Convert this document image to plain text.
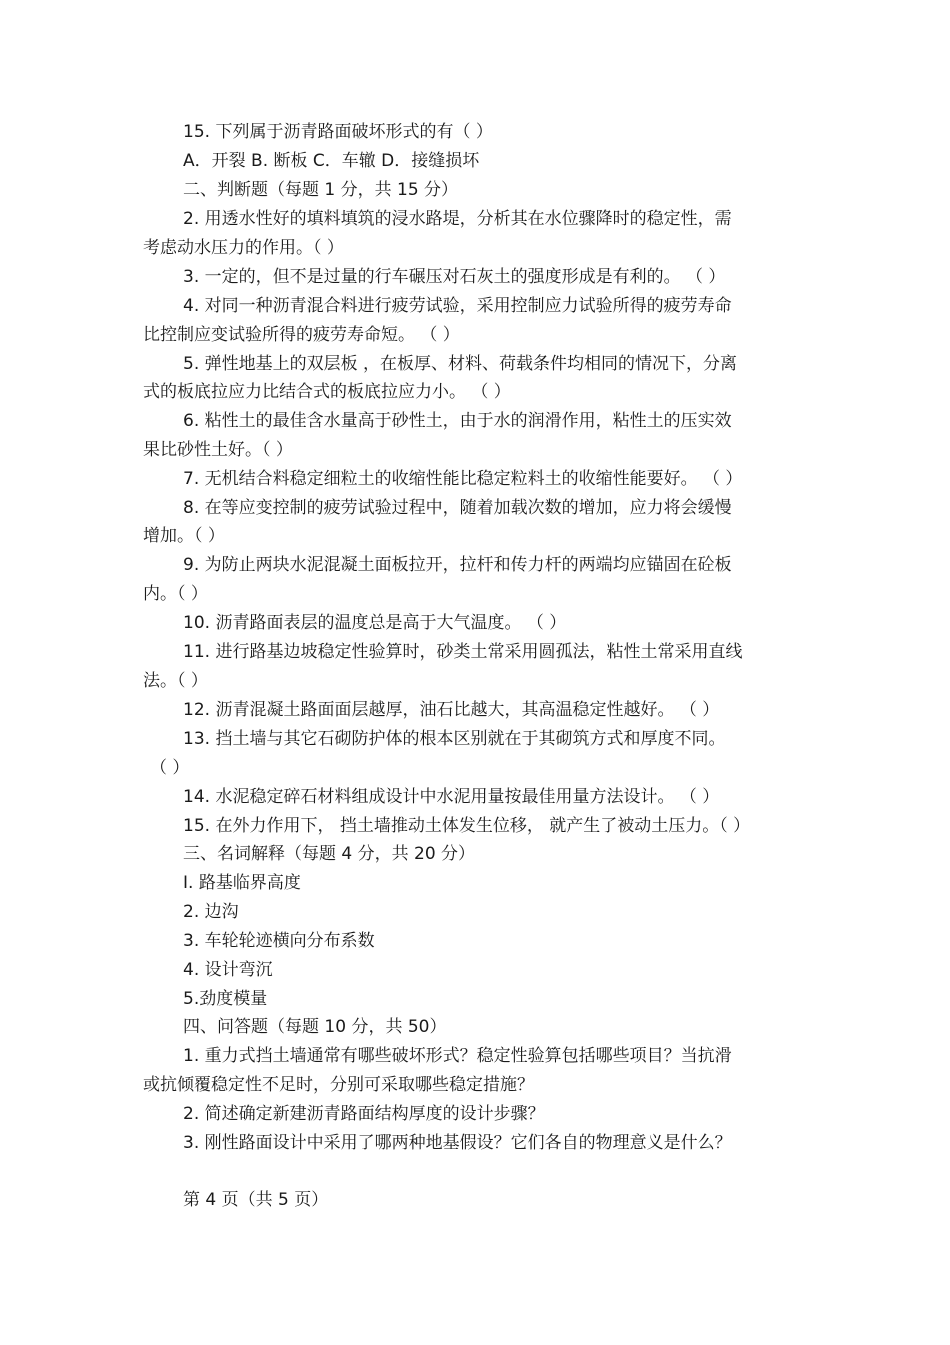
15. 下列属于沥青路面破坏形式的有（ ）
A．开裂 B. 断板 C．车辙 D．接缝损坏
二、判断题（每题 1 分，共 15 分）
2. 用透水性好的填料填筑的浸水路堤，分析其在水位骤降时的稳定性，需
考虑动水压力的作用。（ ）
3. 一定的，但不是过量的行车碾压对石灰土的强度形成是有利的。 （ ）
4. 对同一种沥青混合料进行疲劳试验，采用控制应力试验所得的疲劳寿命
比控制应变试验所得的疲劳寿命短。 （ ）
5. 弹性地基上的双层板 ，在板厚、材料、荷载条件均相同的情况下，分离
式的板底拉应力比结合式的板底拉应力小。 （ ）
6. 粘性土的最佳含水量高于砂性土，由于水的润滑作用，粘性土的压实效
果比砂性土好。（ ）
7. 无机结合料稳定细粒土的收缩性能比稳定粒料土的收缩性能要好。 （ ）
8. 在等应变控制的疲劳试验过程中，随着加载次数的增加，应力将会缓慢
增加。（ ）
9. 为防止两块水泥混凝土面板拉开，拉杆和传力杆的两端均应锚固在砼板
内。（ ）
10. 沥青路面表层的温度总是高于大气温度。 （ ）
11. 进行路基边坡稳定性验算时，砂类土常采用圆孤法，粘性土常采用直线
法。（ ）
12. 沥青混凝土路面面层越厚，油石比越大，其高温稳定性越好。 （ ）
13. 挡土墙与其它石砌防护体的根本区别就在于其砌筑方式和厚度不同。
（ ）
14. 水泥稳定碎石材料组成设计中水泥用量按最佳用量方法设计。 （ ）
15. 在外力作用下， 挡土墙推动土体发生位移， 就产生了被动土压力。（ ）
三、名词解释（每题 4 分，共 20 分）
I. 路基临界高度
2. 边沟
3. 车轮轮迹横向分布系数
4. 设计弯沉
5.劲度模量
四、问答题（每题 10 分，共 50）
1. 重力式挡土墙通常有哪些破坏形式？稳定性验算包括哪些项目？当抗滑
或抗倾覆稳定性不足时，分别可采取哪些稳定措施？
2. 简述确定新建沥青路面结构厚度的设计步骤？
3. 刚性路面设计中采用了哪两种地基假设？它们各自的物理意义是什么？
第 4 页（共 5 页）
